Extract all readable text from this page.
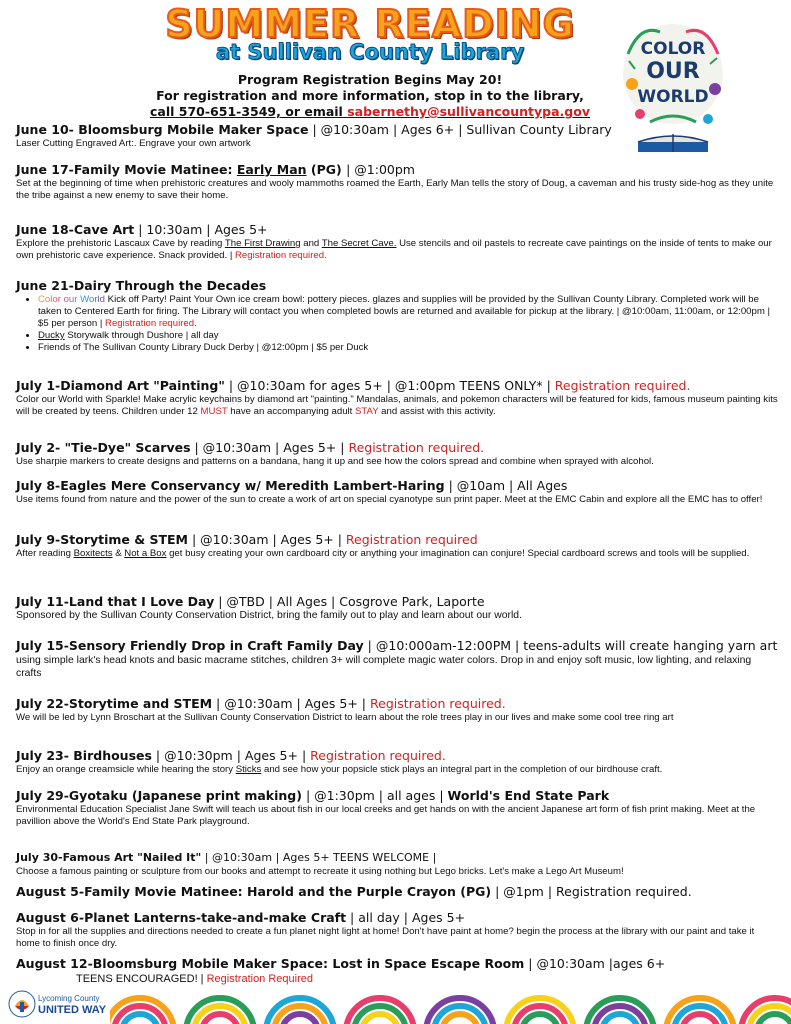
SUMMER READING
at Sullivan County Library
Program Registration Begins May 20!
For registration and more information, stop in to the library,
call 570-651-3549, or email sabernethy@sullivancountypa.gov
COLOR
OUR
WORLD
June 10- Bloomsburg Mobile Maker Space | @10:30am | Ages 6+ | Sullivan County Library
Laser Cutting Engraved Art:. Engrave your own artwork
June 17-Family Movie Matinee: Early Man (PG) | @1:00pm
Set at the beginning of time when prehistoric creatures and wooly mammoths roamed the Earth, Early Man tells the story of Doug, a caveman and his trusty side-hog as they unite the tribe against a new enemy to save their home.
June 18-Cave Art | 10:30am | Ages 5+
Explore the prehistoric Lascaux Cave by reading The First Drawing and The Secret Cave. Use stencils and oil pastels to recreate cave paintings on the inside of tents to make our own prehistoric cave experience. Snack provided. | Registration required.
June 21-Dairy Through the Decades
• Color our World Kick off Party! Paint Your Own ice cream bowl: pottery pieces. glazes and supplies will be provided by the Sullivan County Library. Completed work will be taken to Centered Earth for firing. The Library will contact you when completed bowls are returned and available for pickup at the library. | @10:00am, 11:00am, or 12:00pm | $5 per person | Registration required.
• Ducky Storywalk through Dushore | all day
• Friends of The Sullivan County Library Duck Derby | @12:00pm | $5 per Duck
July 1-Diamond Art "Painting" | @10:30am for ages 5+ | @1:00pm TEENS ONLY* | Registration required.
Color our World with Sparkle! Make acrylic keychains by diamond art "painting." Mandalas, animals, and pokemon characters will be featured for kids, famous museum painting kits will be created by teens. Children under 12 MUST have an accompanying adult STAY and assist with this activity.
July 2- "Tie-Dye" Scarves | @10:30am | Ages 5+ | Registration required.
Use sharpie markers to create designs and patterns on a bandana, hang it up and see how the colors spread and combine when sprayed with alcohol.
July 8-Eagles Mere Conservancy w/ Meredith Lambert-Haring | @10am | All Ages
Use items found from nature and the power of the sun to create a work of art on special cyanotype sun print paper. Meet at the EMC Cabin and explore all the EMC has to offer!
July 9-Storytime & STEM | @10:30am | Ages 5+ | Registration required
After reading Boxitects & Not a Box get busy creating your own cardboard city or anything your imagination can conjure! Special cardboard screws and tools will be supplied.
July 11-Land that I Love Day | @TBD | All Ages | Cosgrove Park, Laporte
Sponsored by the Sullivan County Conservation District, bring the family out to play and learn about our world.
July 15-Sensory Friendly Drop in Craft Family Day | @10:000am-12:00PM | teens-adults will create hanging yarn art
using simple lark's head knots and basic macrame stitches, children 3+ will complete magic water colors. Drop in and enjoy soft music, low lighting, and relaxing crafts
July 22-Storytime and STEM | @10:30am | Ages 5+ | Registration required.
We will be led by Lynn Broschart at the Sullivan County Conservation District to learn about the role trees play in our lives and make some cool tree ring art
July 23- Birdhouses | @10:30pm | Ages 5+ | Registration required.
Enjoy an orange creamsicle while hearing the story Sticks and see how your popsicle stick plays an integral part in the completion of our birdhouse craft.
July 29-Gyotaku (Japanese print making) | @1:30pm | all ages | World's End State Park
Environmental Education Specialist Jane Swift will teach us about fish in our local creeks and get hands on with the ancient Japanese art form of fish print making. Meet at the pavillion above the World's End State Park playground.
July 30-Famous Art "Nailed It" | @10:30am | Ages 5+ TEENS WELCOME |
Choose a famous painting or sculpture from our books and attempt to recreate it using nothing but Lego bricks. Let's make a Lego Art Museum!
August 5-Family Movie Matinee: Harold and the Purple Crayon (PG) | @1pm | Registration required.
August 6-Planet Lanterns-take-and-make Craft | all day | Ages 5+
Stop in for all the supplies and directions needed to create a fun planet night light at home! Don't have paint at home? begin the process at the library with our paint and take it home to finish once dry.
August 12-Bloomsburg Mobile Maker Space: Lost in Space Escape Room | @10:30am |ages 6+
TEENS ENCOURAGED! | Registration Required
Lycoming County
UNITED WAY
